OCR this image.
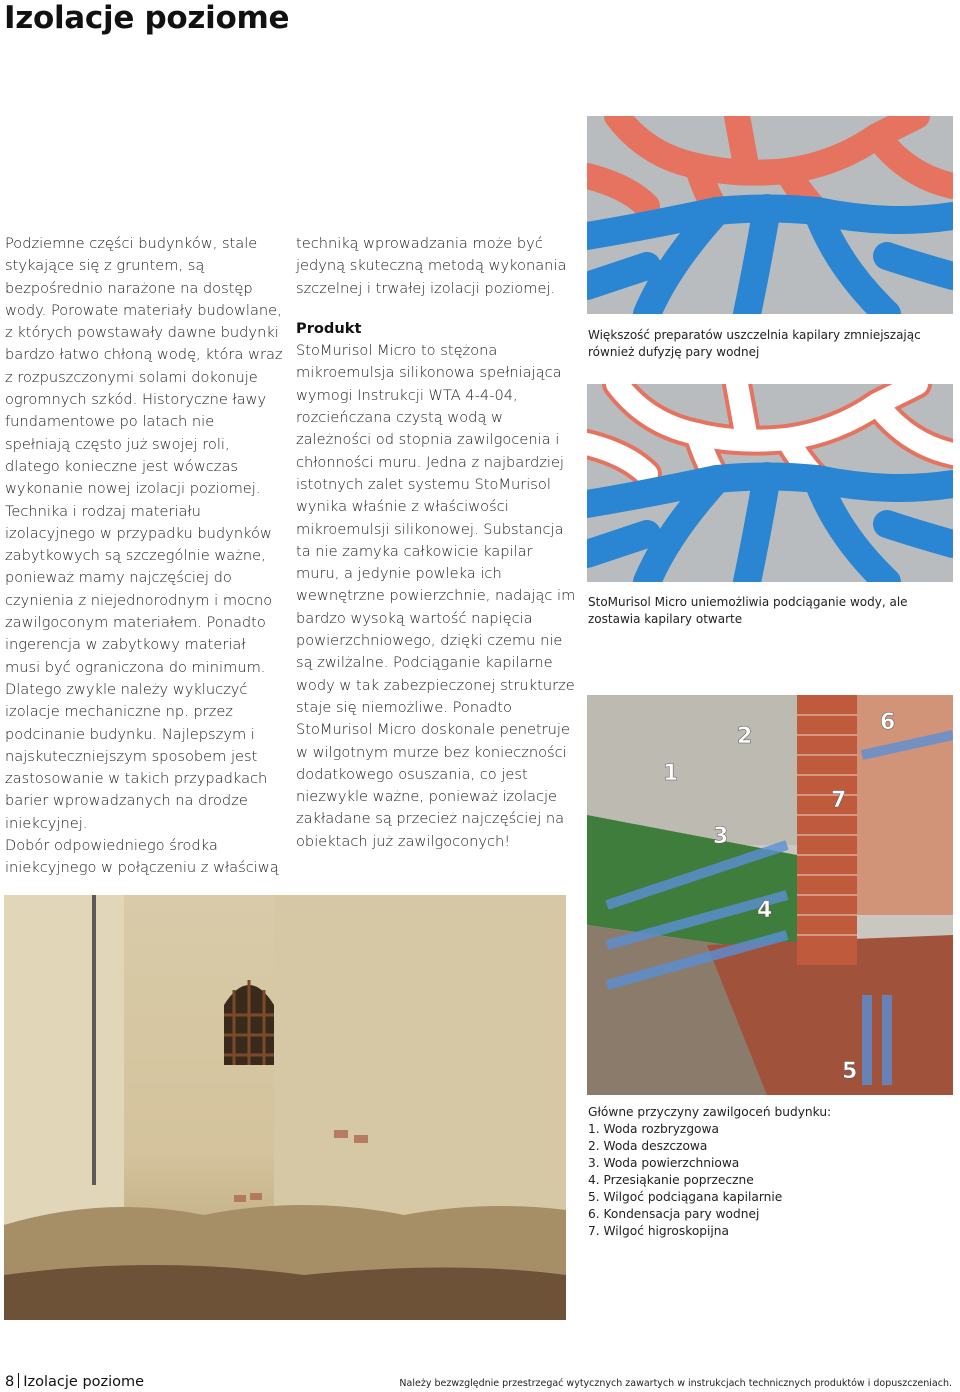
Izolacje poziome

Podziemne części budynków, stale stykające się z gruntem, są bezpośrednio narażone na dostęp wody. Porowate materiały budowlane, z których powstawały dawne budynki bardzo łatwo chłoną wodę, która wraz z rozpuszczonymi solami dokonuje ogromnych szkód. Historyczne ławy fundamentowe po latach nie spełniają często już swojej roli, dlatego konieczne jest wówczas wykonanie nowej izolacji poziomej. Technika i rodzaj materiału izolacyjnego w przypadku budynków zabytkowych są szczególnie ważne, ponieważ mamy najczęściej do czynienia z niejednorodnym i mocno zawilgoconym materiałem. Ponadto ingerencja w zabytkowy materiał musi być ograniczona do minimum. Dlatego zwykle należy wykluczyć izolacje mechaniczne np. przez podcinanie budynku. Najlepszym i najskuteczniejszym sposobem jest zastosowanie w takich przypadkach barier wprowadzanych na drodze iniekcyjnej.

Dobór odpowiedniego środka iniekcyjnego w połączeniu z właściwą

techniką wprowadzania może być jedyną skuteczną metodą wykonania szczelnej i trwałej izolacji poziomej.

Produkt

StoMurisol Micro to stężona mikroemulsja silikonowa spełniająca wymogi Instrukcji WTA 4-4-04, rozcieńczana czystą wodą w zależności od stopnia zawilgocenia i chłonności muru. Jedna z najbardziej istotnych zalet systemu StoMurisol wynika właśnie z właściwości mikroemulsji silikonowej. Substancja ta nie zamyka całkowicie kapilar muru, a jedynie powleka ich wewnętrzne powierzchnie, nadając im bardzo wysoką wartość napięcia powierzchniowego, dzięki czemu nie są zwilżalne. Podciąganie kapilarne wody w tak zabezpieczonej strukturze staje się niemożliwe. Ponadto StoMurisol Micro doskonale penetruje w wilgotnym murze bez konieczności dodatkowego osuszania, co jest niezwykle ważne, ponieważ izolacje zakładane są przecież najczęściej na obiektach już zawilgoconych!

Większość preparatów uszczelnia kapilary zmniejszając również dufyzję pary wodnej
StoMurisol Micro uniemożliwia podciąganie wody, ale zostawia kapilary otwarte
1
2
3
4
5
6
7
Główne przyczyny zawilgoceń budynku:
1. Woda rozbryzgowa
2. Woda deszczowa
3. Woda powierzchniowa
4. Przesiąkanie poprzeczne
5. Wilgoć podciągana kapilarnie
6. Kondensacja pary wodnej
7. Wilgoć higroskopijna
8 Izolacje poziome	Należy bezwzględnie przestrzegać wytycznych zawartych w instrukcjach technicznych produktów i dopuszczeniach.
